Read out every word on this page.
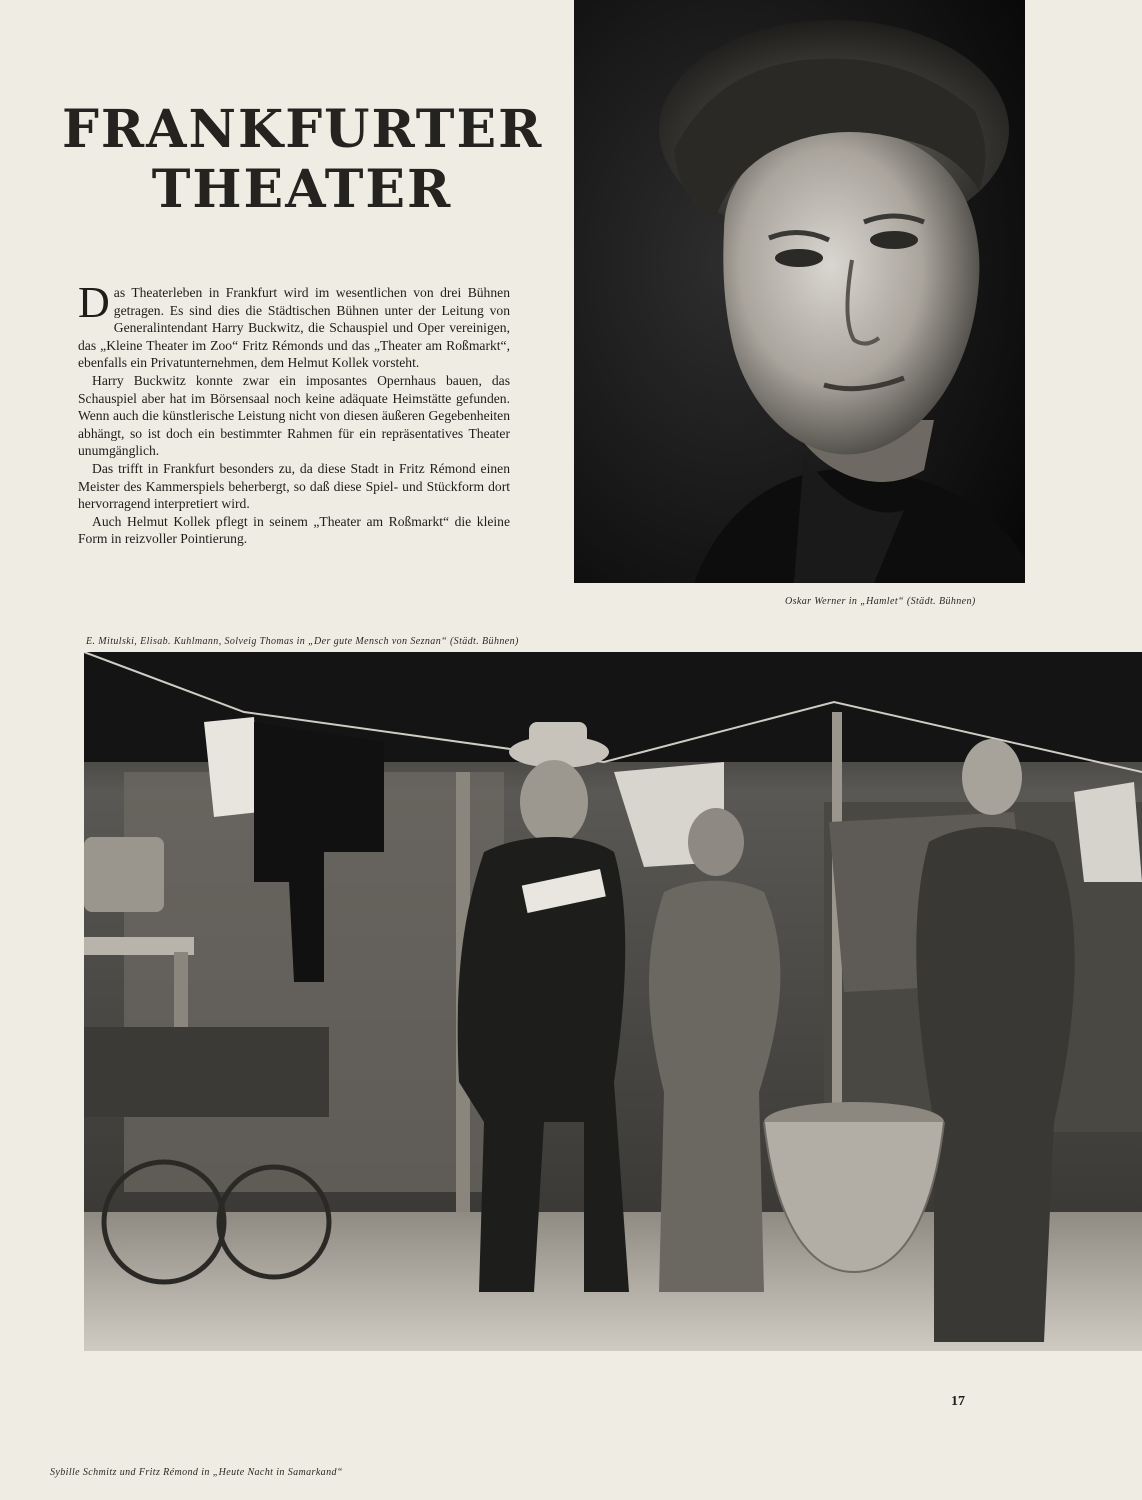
FRANKFURTER
THEATER

Das Theaterleben in Frankfurt wird im wesentlichen von drei Bühnen getragen. Es sind dies die Städtischen Bühnen unter der Leitung von Generalintendant Harry Buckwitz, die Schauspiel und Oper vereinigen, das „Kleine Theater im Zoo“ Fritz Rémonds und das „Theater am Roßmarkt“, ebenfalls ein Privatunternehmen, dem Helmut Kollek vorsteht.

Harry Buckwitz konnte zwar ein imposantes Opernhaus bauen, das Schauspiel aber hat im Börsensaal noch keine adäquate Heimstätte gefunden. Wenn auch die künstlerische Leistung nicht von diesen äußeren Gegebenheiten abhängt, so ist doch ein bestimmter Rahmen für ein repräsentatives Theater unumgänglich.

Das trifft in Frankfurt besonders zu, da diese Stadt in Fritz Rémond einen Meister des Kammerspiels beherbergt, so daß diese Spiel- und Stückform dort hervorragend interpretiert wird.

Auch Helmut Kollek pflegt in seinem „Theater am Roßmarkt“ die kleine Form in reizvoller Pointierung.

Oskar Werner in „Hamlet“ (Städt. Bühnen)

E. Mitulski, Elisab. Kuhlmann, Solveig Thomas in „Der gute Mensch von Seznan“ (Städt. Bühnen)

17

Sybille Schmitz und Fritz Rémond in „Heute Nacht in Samarkand“
